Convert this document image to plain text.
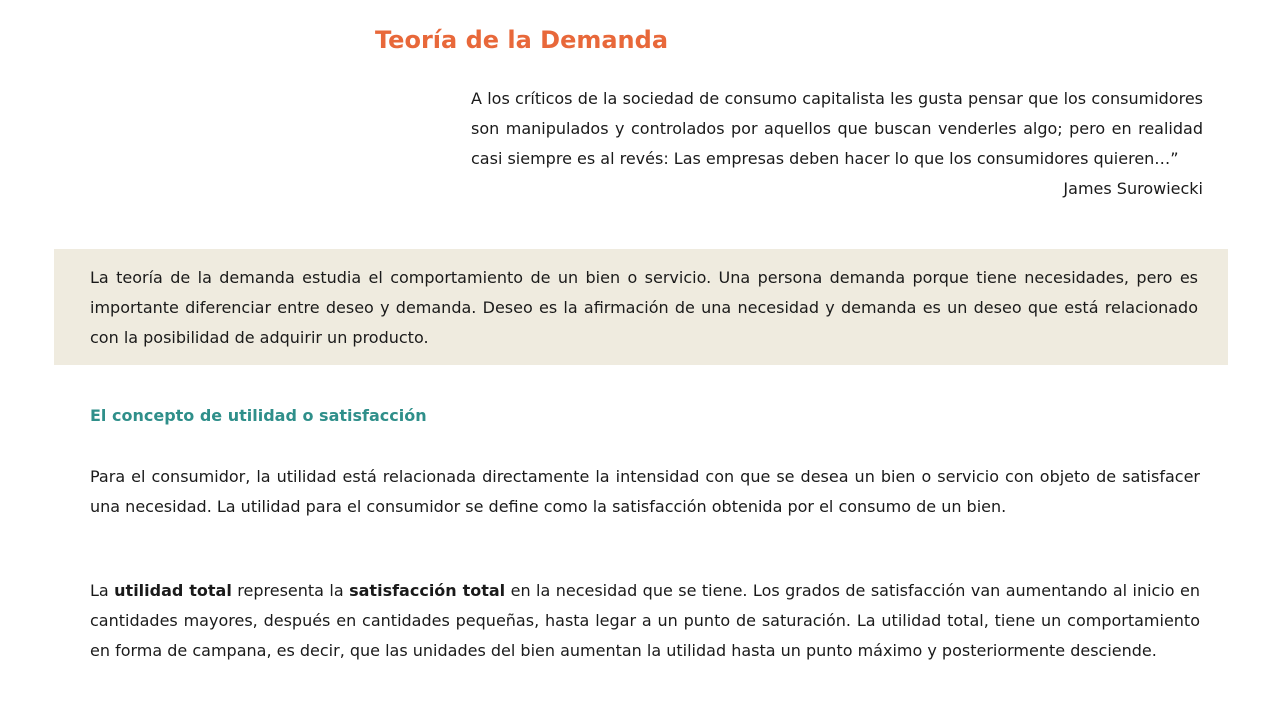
Teoría de la Demanda

A los críticos de la sociedad de consumo capitalista les gusta pensar que los consumidores son manipulados y controlados por aquellos que buscan venderles algo; pero en realidad casi siempre es al revés: Las empresas deben hacer lo que los consumidores quieren…”

James Surowiecki

La teoría de la demanda estudia el comportamiento de un bien o servicio. Una persona demanda porque tiene necesidades, pero es importante diferenciar entre deseo y demanda. Deseo es la afirmación de una necesidad y demanda es un deseo que está relacionado con la posibilidad de adquirir un producto.

El concepto de utilidad o satisfacción

Para el consumidor, la utilidad está relacionada directamente la intensidad con que se desea un bien o servicio con objeto de satisfacer una necesidad. La utilidad para el consumidor se define como la satisfacción obtenida por el consumo de un bien.

La utilidad total representa la satisfacción total en la necesidad que se tiene. Los grados de satisfacción van aumentando al inicio en cantidades mayores, después en cantidades pequeñas, hasta legar a un punto de saturación. La utilidad total, tiene un comportamiento en forma de campana, es decir, que las unidades del bien aumentan la utilidad hasta un punto máximo y posteriormente desciende.
